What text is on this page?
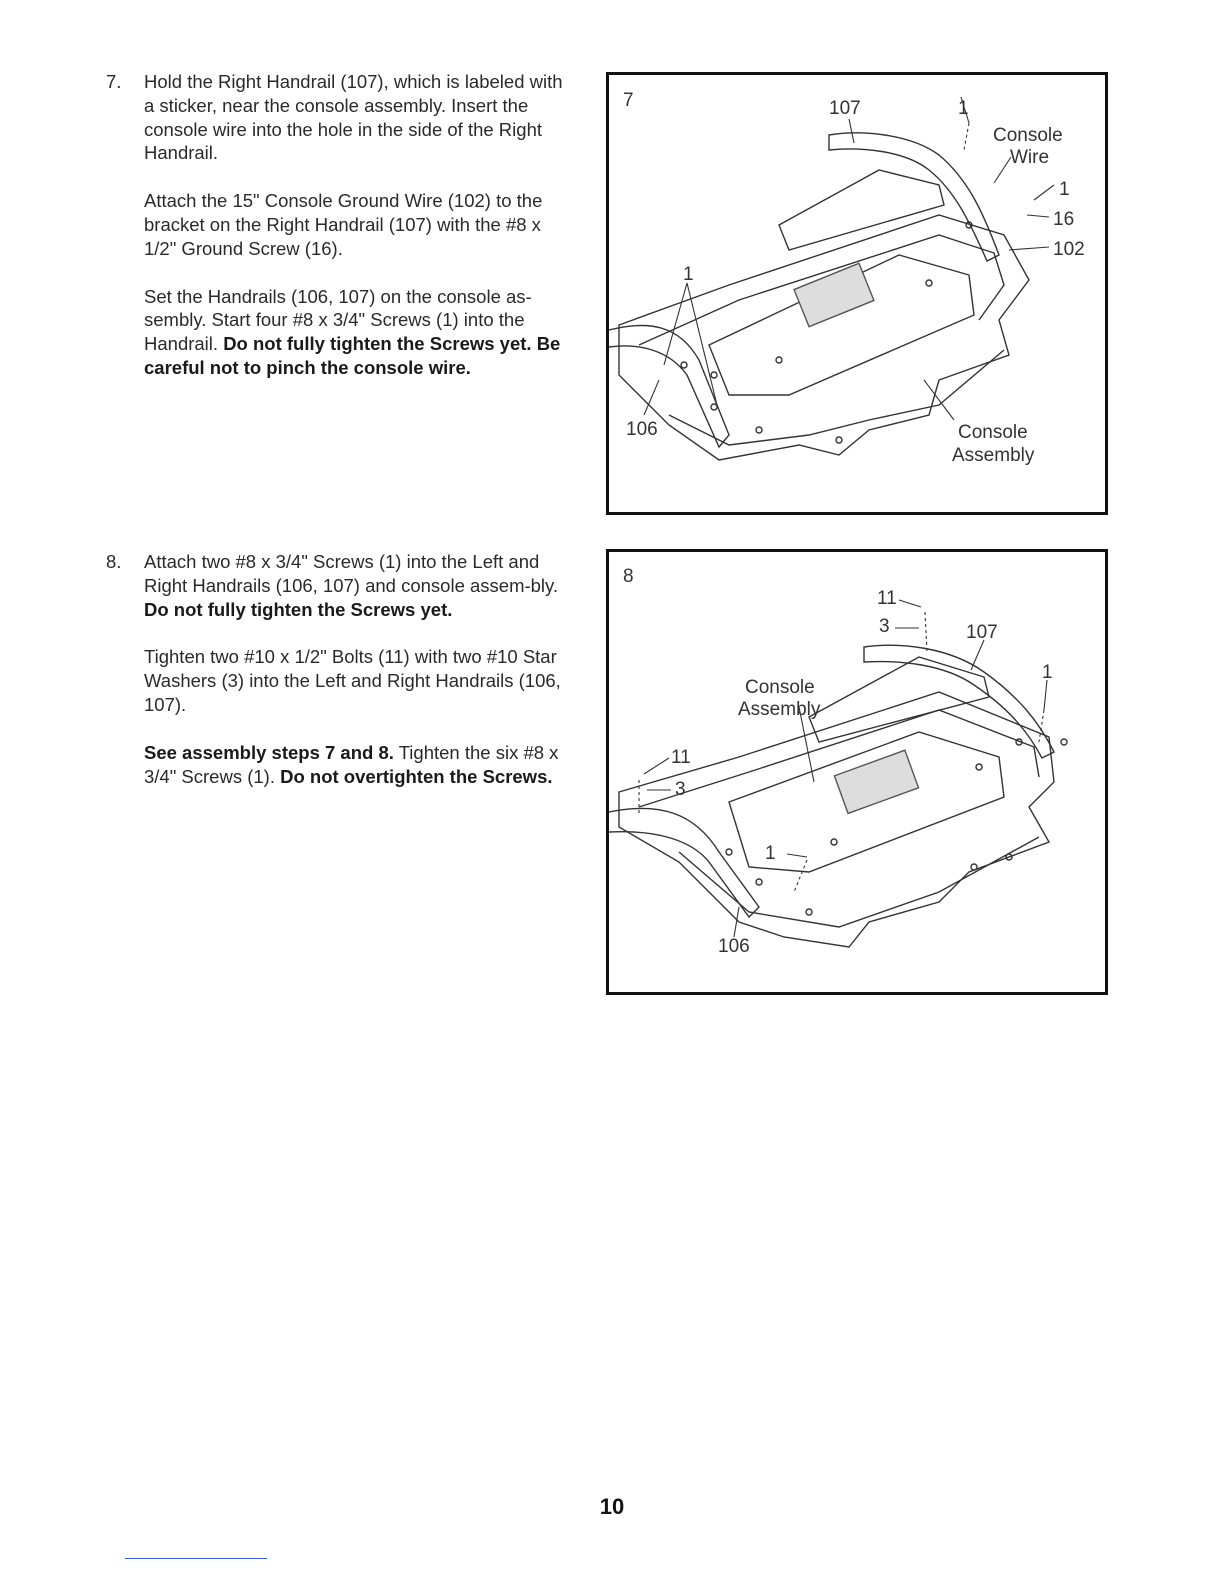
7. Hold the Right Handrail (107), which is labeled with a sticker, near the console assembly. Insert the console wire into the hole in the side of the Right Handrail.

Attach the 15" Console Ground Wire (102) to the bracket on the Right Handrail (107) with the #8 x 1/2" Ground Screw (16).

Set the Handrails (106, 107) on the console as-sembly. Start four #8 x 3/4" Screws (1) into the Handrail. Do not fully tighten the Screws yet. Be careful not to pinch the console wire.

8. Attach two #8 x 3/4" Screws (1) into the Left and Right Handrails (106, 107) and console assem-bly. Do not fully tighten the Screws yet.

Tighten two #10 x 1/2" Bolts (11) with two #10 Star Washers (3) into the Left and Right Handrails (106, 107).

See assembly steps 7 and 8. Tighten the six #8 x 3/4" Screws (1). Do not overtighten the Screws.

7	107	1
Console
Wire
1
16
102
1
106	Console
Assembly
8
11
3	107
1
Console
Assembly
11
3
1
106
10
